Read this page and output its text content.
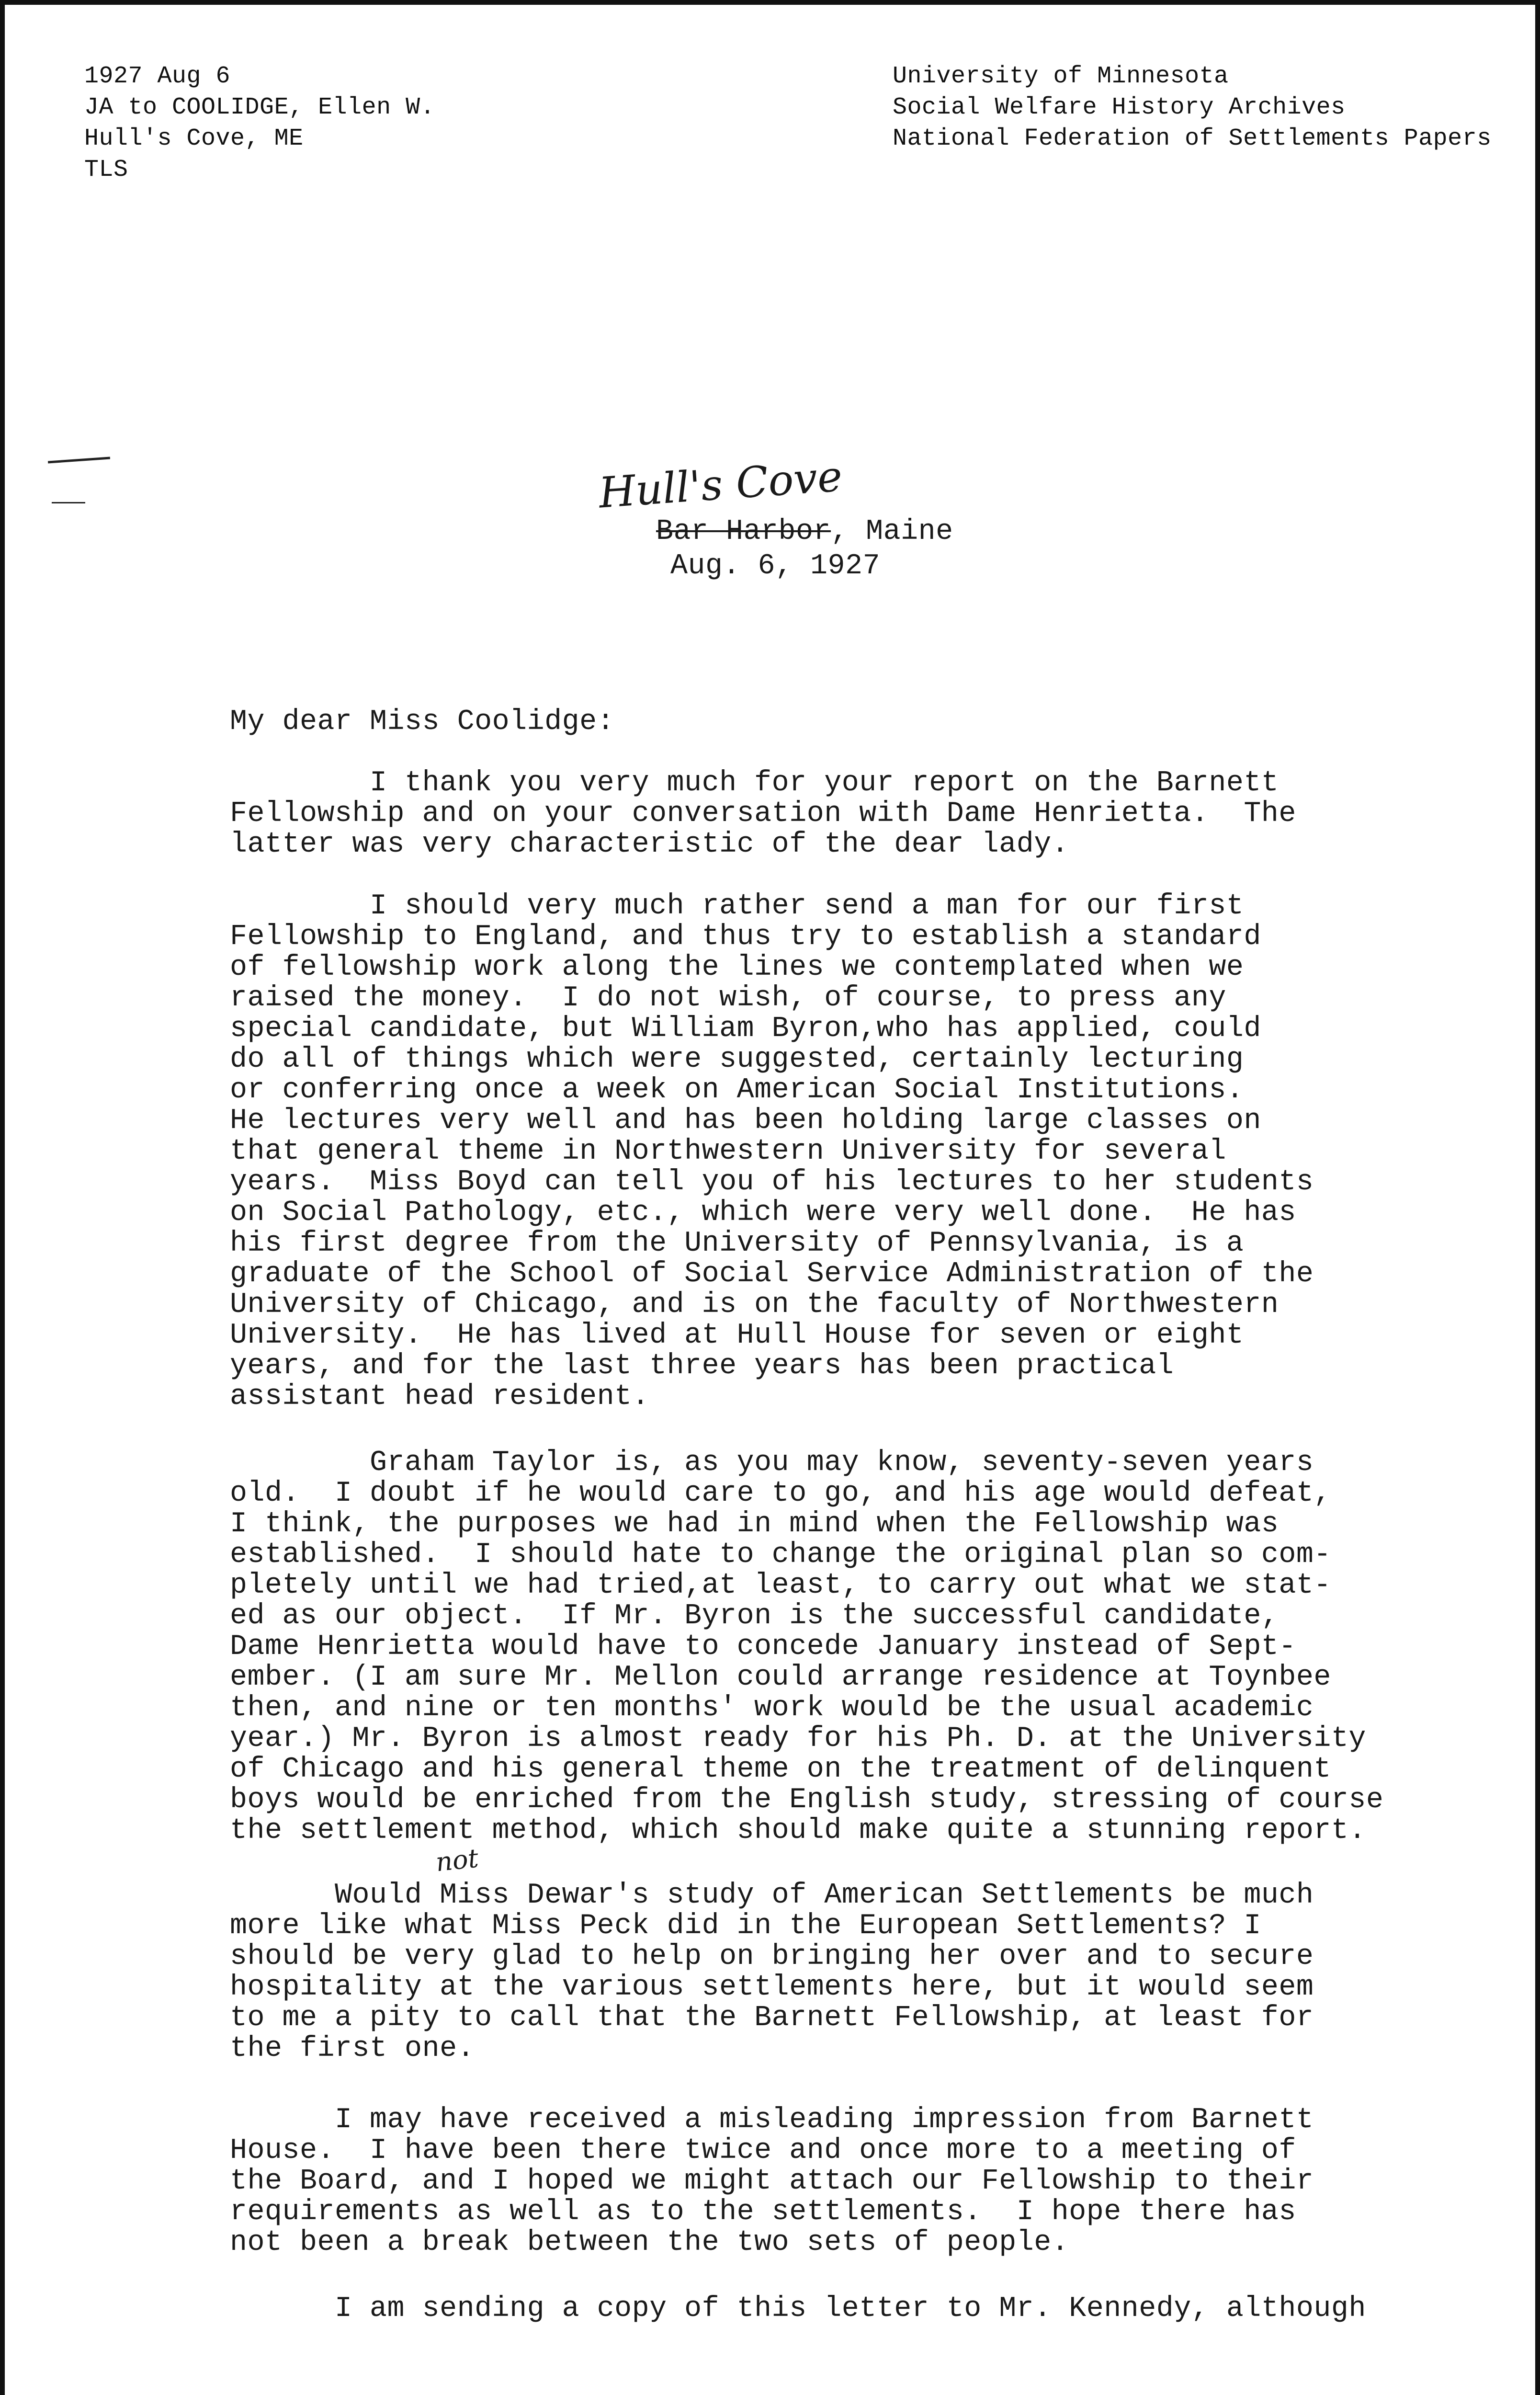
1927 Aug 6
JA to COOLIDGE, Ellen W.
Hull's Cove, ME
TLS
University of Minnesota
Social Welfare History Archives
National Federation of Settlements Papers
Hull's Cove
Bar Harbor, Maine
Aug. 6, 1927
My dear Miss Coolidge:
I thank you very much for your report on the Barnett
Fellowship and on your conversation with Dame Henrietta.  The
latter was very characteristic of the dear lady.
I should very much rather send a man for our first
Fellowship to England, and thus try to establish a standard
of fellowship work along the lines we contemplated when we
raised the money.  I do not wish, of course, to press any
special candidate, but William Byron,who has applied, could
do all of things which were suggested, certainly lecturing
or conferring once a week on American Social Institutions.
He lectures very well and has been holding large classes on
that general theme in Northwestern University for several
years.  Miss Boyd can tell you of his lectures to her students
on Social Pathology, etc., which were very well done.  He has
his first degree from the University of Pennsylvania, is a
graduate of the School of Social Service Administration of the
University of Chicago, and is on the faculty of Northwestern
University.  He has lived at Hull House for seven or eight
years, and for the last three years has been practical
assistant head resident.
Graham Taylor is, as you may know, seventy-seven years
old.  I doubt if he would care to go, and his age would defeat,
I think, the purposes we had in mind when the Fellowship was
established.  I should hate to change the original plan so com-
pletely until we had tried,at least, to carry out what we stat-
ed as our object.  If Mr. Byron is the successful candidate,
Dame Henrietta would have to concede January instead of Sept-
ember. (I am sure Mr. Mellon could arrange residence at Toynbee
then, and nine or ten months' work would be the usual academic
year.) Mr. Byron is almost ready for his Ph. D. at the University
of Chicago and his general theme on the treatment of delinquent
boys would be enriched from the English study, stressing of course
the settlement method, which should make quite a stunning report.
not
Would Miss Dewar's study of American Settlements be much
more like what Miss Peck did in the European Settlements? I
should be very glad to help on bringing her over and to secure
hospitality at the various settlements here, but it would seem
to me a pity to call that the Barnett Fellowship, at least for
the first one.
I may have received a misleading impression from Barnett
House.  I have been there twice and once more to a meeting of
the Board, and I hoped we might attach our Fellowship to their
requirements as well as to the settlements.  I hope there has
not been a break between the two sets of people.
I am sending a copy of this letter to Mr. Kennedy, although
